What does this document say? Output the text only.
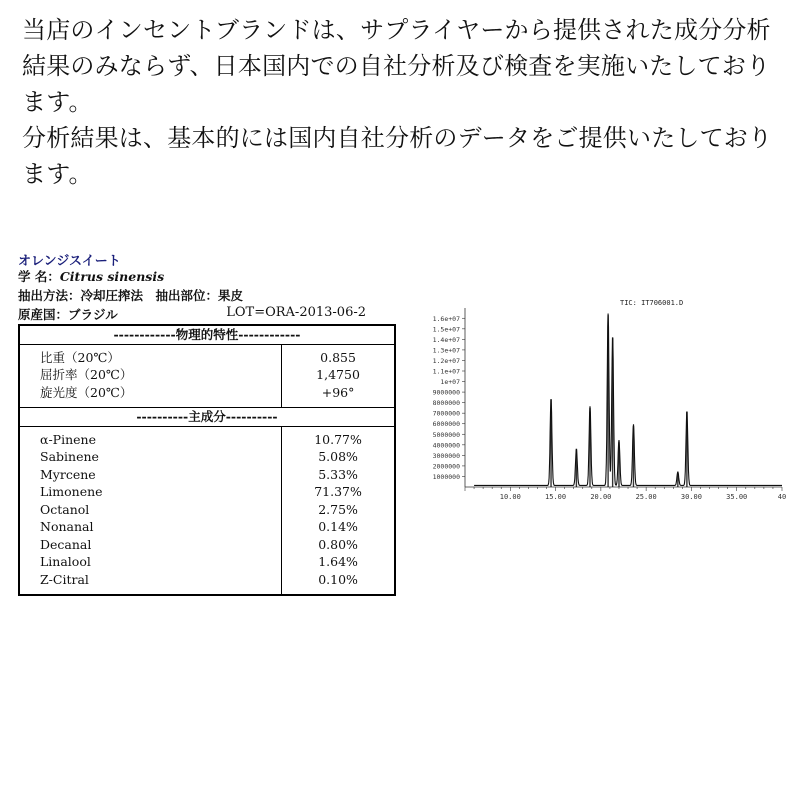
当店のインセントブランドは、サプライヤーから提供された成分分析

結果のみならず、日本国内での自社分析及び検査を実施いたしており

ます。

分析結果は、基本的には国内自社分析のデータをご提供いたしており

ます。

オレンジスイート
学 名：Citrus sinensis
抽出方法：冷却圧搾法　抽出部位：果皮
原産国：ブラジル	LOT=ORA-2013-06-2
------------物理的特性------------	
比重（20℃）	0.855
屈折率（20℃）	1,4750
旋光度（20℃）	+96°
----------主成分----------	
α-Pinene	10.77%
Sabinene	5.08%
Myrcene	5.33%
Limonene	71.37%
Octanol	2.75%
Nonanal	0.14%
Decanal	0.80%
Linalool	1.64%
Z-Citral	0.10%
TIC: IT706001.D
1000000
2000000
3000000
4000000
5000000
6000000
7000000
8000000
9000000
1e+07
1.1e+07
1.2e+07
1.3e+07
1.4e+07
1.5e+07
1.6e+07
10.00	15.00	20.00	25.00	30.00	35.00	40
